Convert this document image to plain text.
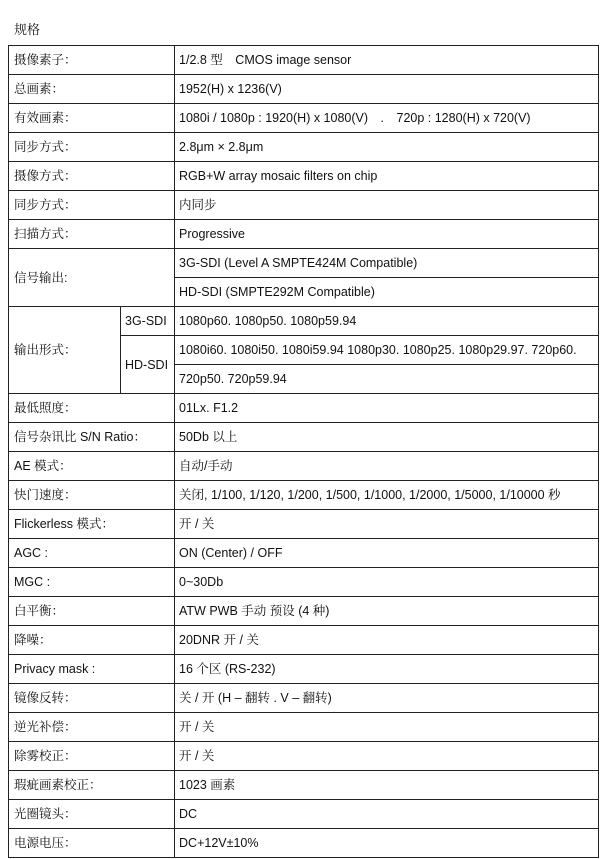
规格
摄像素子：		1/2.8 型　CMOS image sensor
总画素：		1952(H) x 1236(V)
有效画素：		1080i / 1080p : 1920(H) x 1080(V)　.　720p : 1280(H) x 720(V)
同步方式：		2.8μm × 2.8μm
摄像方式：		RGB+W array mosaic filters on chip
同步方式：		内同步
扫描方式：		Progressive
信号输出:		3G-SDI (Level A SMPTE424M Compatible)
		HD-SDI (SMPTE292M Compatible)
输出形式：	3G-SDI	1080p60. 1080p50. 1080p59.94
	HD-SDI	1080i60. 1080i50. 1080i59.94 1080p30. 1080p25. 1080p29.97. 720p60.
		720p50. 720p59.94
最低照度：		01Lx. F1.2
信号杂讯比 S/N Ratio：		50Db 以上
AE 模式：		自动/手动
快门速度：		关闭, 1/100, 1/120, 1/200, 1/500, 1/1000, 1/2000, 1/5000, 1/10000 秒
Flickerless 模式：		开 / 关
AGC :		ON (Center) / OFF
MGC :		0~30Db
白平衡：		ATW PWB 手动 预设 (4 种)
降噪：		20DNR 开 / 关
Privacy mask :		16 个区 (RS-232)
镜像反转：		关 / 开 (H – 翻转 . V – 翻转)
逆光补偿：		开 / 关
除雾校正：		开 / 关
瑕疵画素校正：		1023 画素
光圈镜头：		DC
电源电压：		DC+12V±10%
